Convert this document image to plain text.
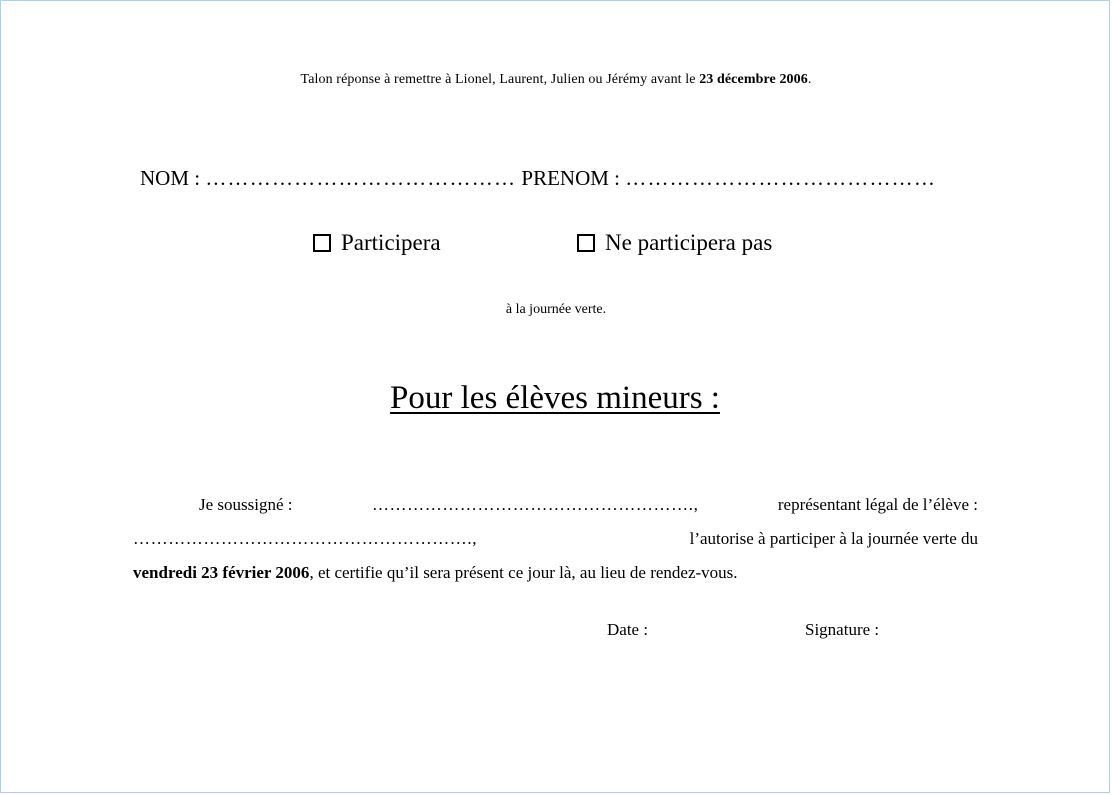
Talon réponse à remettre à Lionel, Laurent, Julien ou Jérémy avant le 23 décembre 2006.
NOM : …………………………………… PRENOM : ……………………………………
Participera	Ne participera pas
à la journée verte.
Pour les élèves mineurs :
Je soussigné :	……………………………………………….,	représentant légal de l’élève :
………………………………………………….,	l’autorise à participer à la journée verte du
vendredi 23 février 2006 , et certifie qu’il sera présent ce jour là, au lieu de rendez-vous.
Date :	Signature :
